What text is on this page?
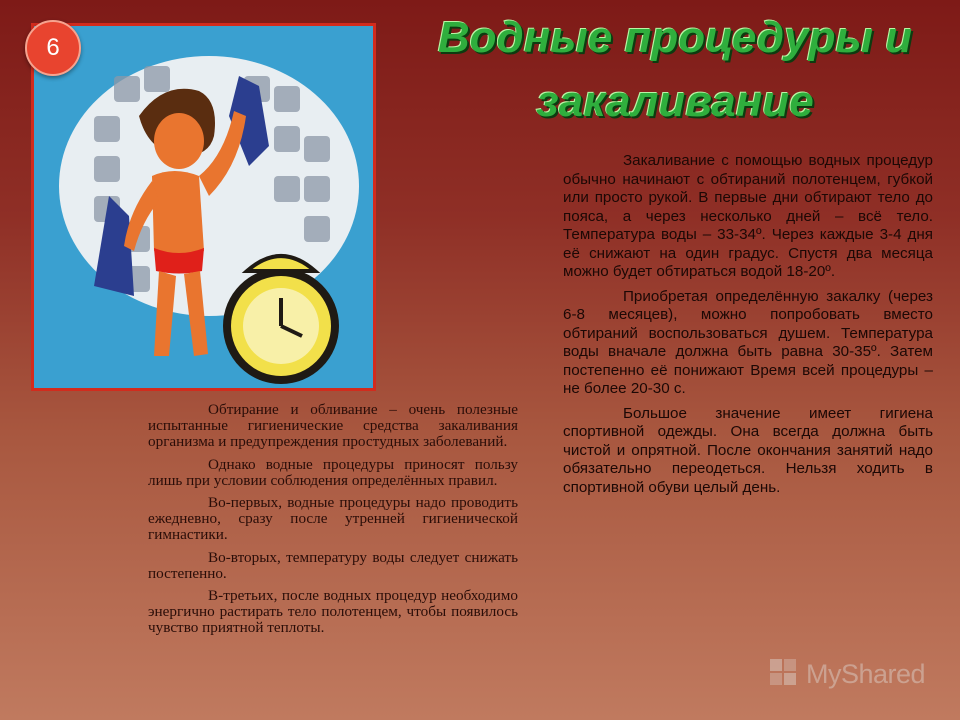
6	Водные процедуры и
закаливание

Обтирание и обливание – очень полезные испытанные гигиенические средства закаливания организма и предупреждения простудных заболеваний.

Однако водные процедуры приносят пользу лишь при условии соблюдения определённых правил.

Во-первых, водные процедуры надо проводить ежедневно, сразу после утренней гигиенической гимнастики.

Во-вторых, температуру воды следует снижать постепенно.

В-третьих, после водных процедур необходимо энергично растирать тело полотенцем, чтобы появилось чувство приятной теплоты.

Закаливание с помощью водных процедур обычно начинают с обтираний полотенцем, губкой или просто рукой. В первые дни обтирают тело до пояса, а через несколько дней – всё тело. Температура воды – 33-34º. Через каждые 3-4 дня её снижают на один градус. Спустя два месяца можно будет обтираться водой 18-20º.

Приобретая определённую закалку (через 6-8 месяцев), можно попробовать вместо обтираний воспользоваться душем. Температура воды вначале должна быть равна 30-35º. Затем постепенно её понижают Время всей процедуры – не более 20-30 с.

Большое значение имеет гигиена спортивной одежды. Она всегда должна быть чистой и опрятной. После окончания занятий надо обязательно переодеться. Нельзя ходить в спортивной обуви целый день.

MyShared
